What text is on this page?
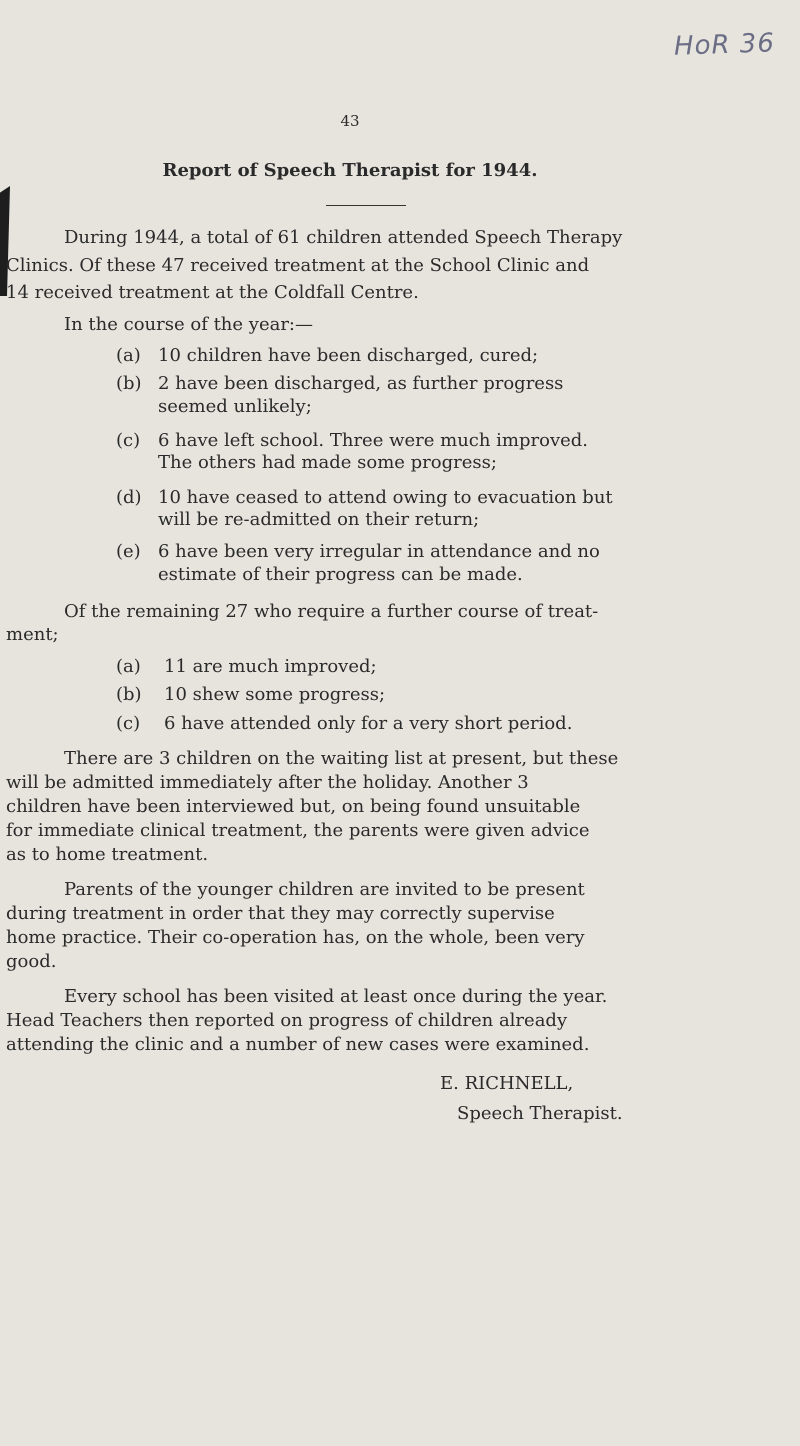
HoR 36
43
Report of Speech Therapist for 1944.
During 1944, a total of 61 children attended Speech Therapy
Clinics. Of these 47 received treatment at the School Clinic and
14 received treatment at the Coldfall Centre.
In the course of the year:—
(a) 10 children have been discharged, cured;
(b) 2 have been discharged, as further progress
seemed unlikely;
(c) 6 have left school. Three were much improved.
The others had made some progress;
(d) 10 have ceased to attend owing to evacuation but
will be re-admitted on their return;
(e) 6 have been very irregular in attendance and no
estimate of their progress can be made.
Of the remaining 27 who require a further course of treat-
ment;
(a) 11 are much improved;
(b) 10 shew some progress;
(c) 6 have attended only for a very short period.
There are 3 children on the waiting list at present, but these
will be admitted immediately after the holiday. Another 3
children have been interviewed but, on being found unsuitable
for immediate clinical treatment, the parents were given advice
as to home treatment.
Parents of the younger children are invited to be present
during treatment in order that they may correctly supervise
home practice. Their co-operation has, on the whole, been very
good.
Every school has been visited at least once during the year.
Head Teachers then reported on progress of children already
attending the clinic and a number of new cases were examined.
E. RICHNELL,
Speech Therapist.
